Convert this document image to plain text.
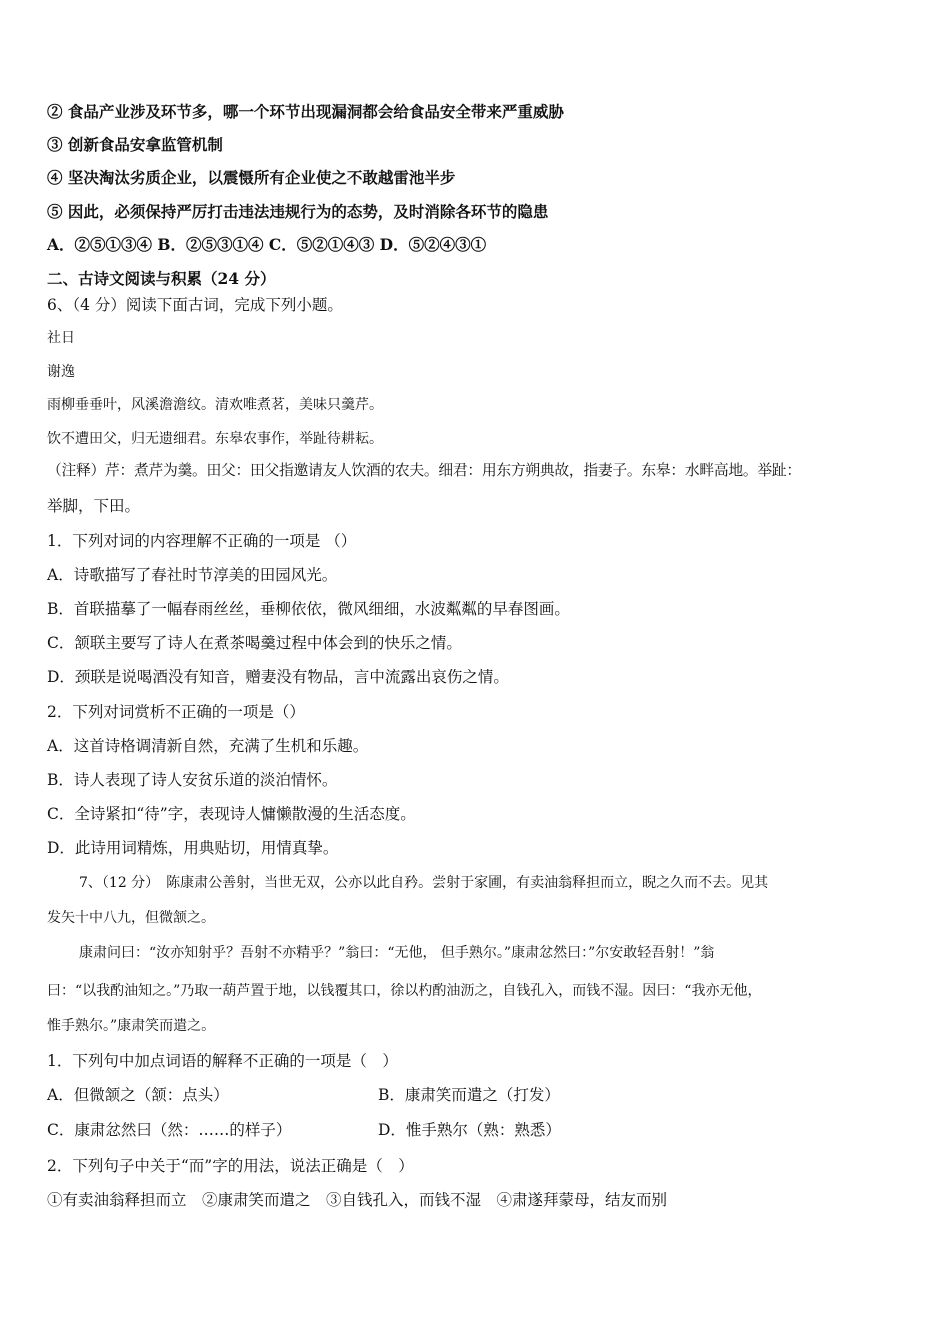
② 食品产业涉及环节多，哪一个环节出现漏洞都会给食品安全带来严重威胁
③ 创新食品安拿监管机制
④ 坚决淘汰劣质企业，以震慑所有企业使之不敢越雷池半步
⑤ 因此，必须保持严厉打击违法违规行为的态势，及时消除各环节的隐患
A．②⑤①③④ B．②⑤③①④ C．⑤②①④③ D．⑤②④③①
二、古诗文阅读与积累（24 分）
6、（4 分）阅读下面古词，完成下列小题。
社日
谢逸
雨柳垂垂叶，风溪澹澹纹。清欢唯煮茗，美味只羹芹。
饮不遭田父，归无遗细君。东皋农事作，举趾待耕耘。
（注释）芹：煮芹为羹。田父：田父指邀请友人饮酒的农夫。细君：用东方朔典故，指妻子。东皋：水畔高地。举趾：
举脚，下田。
1．下列对词的内容理解不正确的一项是 （）
A．诗歌描写了春社时节淳美的田园风光。
B．首联描摹了一幅春雨丝丝，垂柳依依，微风细细，水波粼粼的早春图画。
C．颔联主要写了诗人在煮茶喝羹过程中体会到的快乐之情。
D．颈联是说喝酒没有知音，赠妻没有物品，言中流露出哀伤之情。
2．下列对词赏析不正确的一项是（）
A．这首诗格调清新自然，充满了生机和乐趣。
B．诗人表现了诗人安贫乐道的淡泊情怀。
C．全诗紧扣“待”字，表现诗人慵懒散漫的生活态度。
D．此诗用词精炼，用典贴切，用情真挚。
7、（12 分）　陈康肃公善射，当世无双，公亦以此自矜。尝射于家圃，有卖油翁释担而立，睨之久而不去。见其
发矢十中八九，但微颔之。
康肃问曰：“汝亦知射乎？吾射不亦精乎？”翁曰：“无他， 但手熟尔。”康肃忿然曰：”尔安敢轻吾射！”翁
曰：“以我酌油知之。”乃取一葫芦置于地，以钱覆其口，徐以杓酌油沥之，自钱孔入，而钱不湿。因曰：“我亦无他，
惟手熟尔。”康肃笑而遣之。
1．下列句中加点词语的解释不正确的一项是（　）
A．但微颔之（颔：点头）	B．康肃笑而遣之（打发）
C．康肃忿然曰（然：……的样子）	D．惟手熟尔（熟：熟悉）
2．下列句子中关于“而”字的用法，说法正确是（　）
①有卖油翁释担而立　②康肃笑而遣之　③自钱孔入，而钱不湿　④肃遂拜蒙母，结友而别
